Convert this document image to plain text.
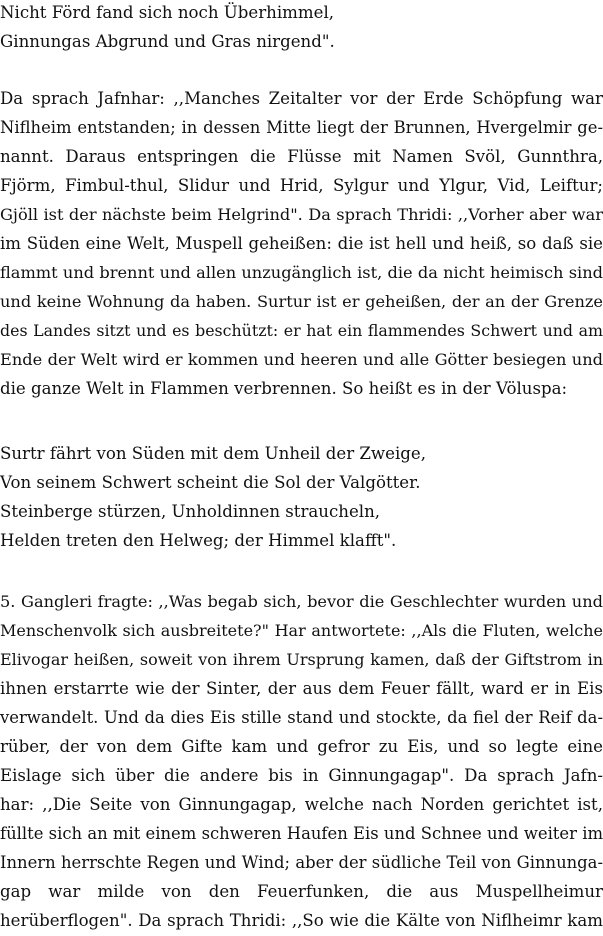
Nicht Förd fand sich noch Überhimmel,
Ginnungas Abgrund und Gras nirgend".
Da sprach Jafnhar: ,,Manches Zeitalter vor der Erde Schöpfung war
Niflheim entstanden; in dessen Mitte liegt der Brunnen, Hvergelmir ge-
nannt. Daraus entspringen die Flüsse mit Namen Svöl, Gunnthra,
Fjörm, Fimbul-thul, Slidur und Hrid, Sylgur und Ylgur, Vid, Leiftur;
Gjöll ist der nächste beim Helgrind". Da sprach Thridi: ,,Vorher aber war
im Süden eine Welt, Muspell geheißen: die ist hell und heiß, so daß sie
flammt und brennt und allen unzugänglich ist, die da nicht heimisch sind
und keine Wohnung da haben. Surtur ist er geheißen, der an der Grenze
des Landes sitzt und es beschützt: er hat ein flammendes Schwert und am
Ende der Welt wird er kommen und heeren und alle Götter besiegen und
die ganze Welt in Flammen verbrennen. So heißt es in der Völuspa:
Surtr fährt von Süden mit dem Unheil der Zweige,
Von seinem Schwert scheint die Sol der Valgötter.
Steinberge stürzen, Unholdinnen straucheln,
Helden treten den Helweg; der Himmel klafft".
5. Gangleri fragte: ,,Was begab sich, bevor die Geschlechter wurden und
Menschenvolk sich ausbreitete?" Har antwortete: ,,Als die Fluten, welche
Elivogar heißen, soweit von ihrem Ursprung kamen, daß der Giftstrom in
ihnen erstarrte wie der Sinter, der aus dem Feuer fällt, ward er in Eis
verwandelt. Und da dies Eis stille stand und stockte, da fiel der Reif da-
rüber, der von dem Gifte kam und gefror zu Eis, und so legte eine
Eislage sich über die andere bis in Ginnungagap". Da sprach Jafn-
har: ,,Die Seite von Ginnungagap, welche nach Norden gerichtet ist,
füllte sich an mit einem schweren Haufen Eis und Schnee und weiter im
Innern herrschte Regen und Wind; aber der südliche Teil von Ginnunga-
gap war milde von den Feuerfunken, die aus Muspellheimur
herüberflogen". Da sprach Thridi: ,,So wie die Kälte von Niflheimr kam
